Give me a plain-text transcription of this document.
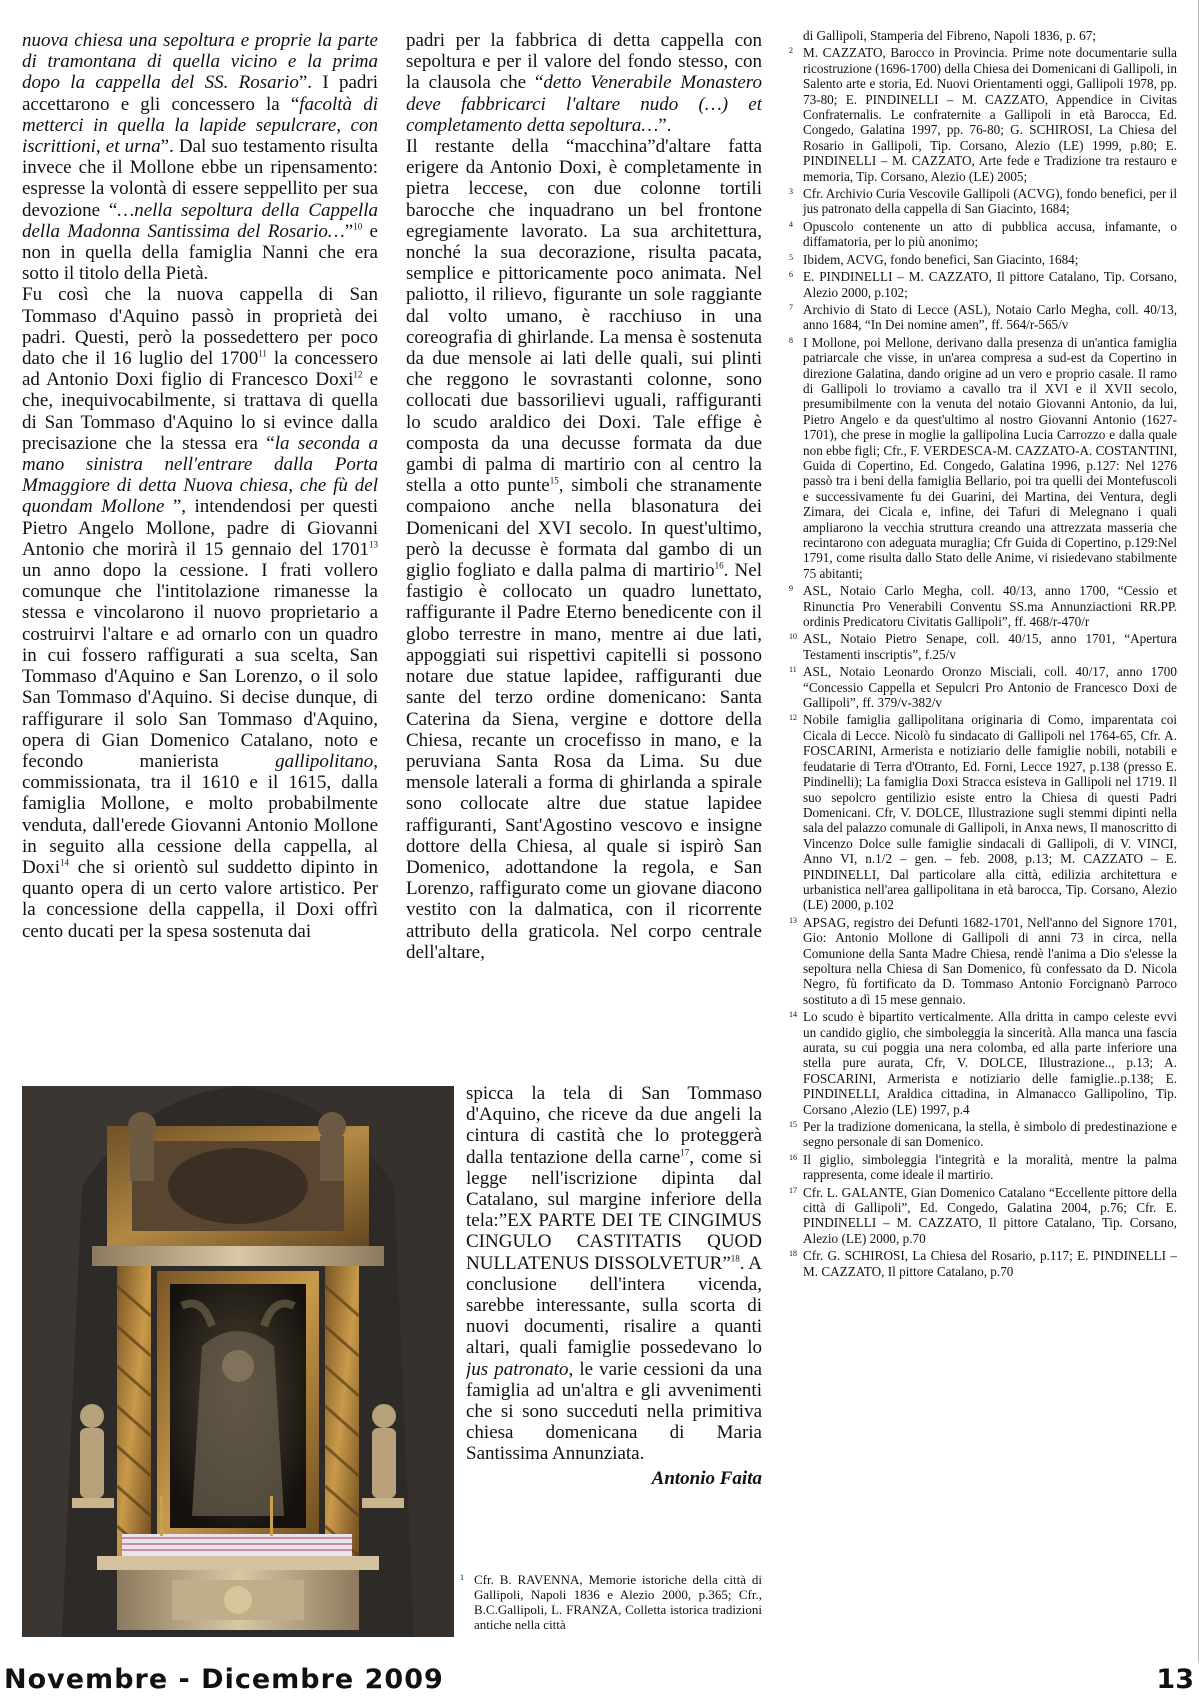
nuova chiesa una sepoltura e proprie la parte di tramontana di quella vicino e la prima dopo la cappella del SS. Rosario”. I padri accettarono e gli concessero la “facoltà di metterci in quella la lapide sepulcrare, con iscrittioni, et urna”. Dal suo testamento risulta invece che il Mollone ebbe un ripensamento: espresse la volontà di essere seppellito per sua devozione “…nella sepoltura della Cappella della Madonna Santissima del Rosario…”$^{10}$ e non in quella della famiglia Nanni che era sotto il titolo della Pietà.

Fu così che la nuova cappella di San Tommaso d'Aquino passò in proprietà dei padri. Questi, però la possedettero per poco dato che il 16 luglio del 1700$^{11}$ la concessero ad Antonio Doxi figlio di Francesco Doxi$^{12}$ e che, inequivocabilmente, si trattava di quella di San Tommaso d'Aquino lo si evince dalla precisazione che la stessa era “la seconda a mano sinistra nell'entrare dalla Porta Mmaggiore di detta Nuova chiesa, che fù del quondam Mollone ”, intendendosi per questi Pietro Angelo Mollone, padre di Giovanni Antonio che morirà il 15 gennaio del 1701$^{13}$ un anno dopo la cessione. I frati vollero comunque che l'intitolazione rimanesse la stessa e vincolarono il nuovo proprietario a costruirvi l'altare e ad ornarlo con un quadro in cui fossero raffigurati a sua scelta, San Tommaso d'Aquino e San Lorenzo, o il solo San Tommaso d'Aquino. Si decise dunque, di raffigurare il solo San Tommaso d'Aquino, opera di Gian Domenico Catalano, noto e fecondo manierista gallipolitano, commissionata, tra il 1610 e il 1615, dalla famiglia Mollone, e molto probabilmente venduta, dall'erede Giovanni Antonio Mollone in seguito alla cessione della cappella, al Doxi$^{14}$ che si orientò sul suddetto dipinto in quanto opera di un certo valore artistico. Per la concessione della cappella, il Doxi offrì cento ducati per la spesa sostenuta dai

padri per la fabbrica di detta cappella con sepoltura e per il valore del fondo stesso, con la clausola che “detto Venerabile Monastero deve fabbricarci l'altare nudo (…) et completamento detta sepoltura…”.

Il restante della “macchina”d'altare fatta erigere da Antonio Doxi, è completamente in pietra leccese, con due colonne tortili barocche che inquadrano un bel frontone egregiamente lavorato. La sua architettura, nonché la sua decorazione, risulta pacata, semplice e pittoricamente poco animata. Nel paliotto, il rilievo, figurante un sole raggiante dal volto umano, è racchiuso in una coreografia di ghirlande. La mensa è sostenuta da due mensole ai lati delle quali, sui plinti che reggono le sovrastanti colonne, sono collocati due bassorilievi uguali, raffiguranti lo scudo araldico dei Doxi. Tale effige è composta da una decusse formata da due gambi di palma di martirio con al centro la stella a otto punte$^{15}$, simboli che stranamente compaiono anche nella blasonatura dei Domenicani del XVI secolo. In quest'ultimo, però la decusse è formata dal gambo di un giglio fogliato e dalla palma di martirio$^{16}$. Nel fastigio è collocato un quadro lunettato, raffigurante il Padre Eterno benedicente con il globo terrestre in mano, mentre ai due lati, appoggiati sui rispettivi capitelli si possono notare due statue lapidee, raffiguranti due sante del terzo ordine domenicano: Santa Caterina da Siena, vergine e dottore della Chiesa, recante un crocefisso in mano, e la peruviana Santa Rosa da Lima. Su due mensole laterali a forma di ghirlanda a spirale sono collocate altre due statue lapidee raffiguranti, Sant'Agostino vescovo e insigne dottore della Chiesa, al quale si ispirò San Domenico, adottandone la regola, e San Lorenzo, raffigurato come un giovane diacono vestito con la dalmatica, con il ricorrente attributo della graticola. Nel corpo centrale dell'altare,

spicca la tela di San Tommaso d'Aquino, che riceve da due angeli la cintura di castità che lo proteggerà dalla tentazione della carne$^{17}$, come si legge nell'iscrizione dipinta dal Catalano, sul margine inferiore della tela:”EX PARTE DEI TE CINGIMUS CINGULO CASTITATIS QUOD NULLATENUS DISSOLVETUR”$^{18}$. A conclusione dell'intera vicenda, sarebbe interessante, sulla scorta di nuovi documenti, risalire a quanti altari, quali famiglie possedevano lo jus patronato, le varie cessioni da una famiglia ad un'altra e gli avvenimenti che si sono succeduti nella primitiva chiesa domenicana di Maria Santissima Annunziata.

Antonio Faita
1 Cfr. B. RAVENNA, Memorie istoriche della città di Gallipoli, Napoli 1836 e Alezio 2000, p.365; Cfr., B.C.Gallipoli, L. FRANZA, Colletta istorica tradizioni antiche nella città
di Gallipoli, Stamperia del Fibreno, Napoli 1836, p. 67;
2 M. CAZZATO, Barocco in Provincia. Prime note documentarie sulla ricostruzione (1696-1700) della Chiesa dei Domenicani di Gallipoli, in Salento arte e storia, Ed. Nuovi Orientamenti oggi, Gallipoli 1978, pp. 73-80; E. PINDINELLI – M. CAZZATO, Appendice in Civitas Confraternalis. Le confraternite a Gallipoli in età Barocca, Ed. Congedo, Galatina 1997, pp. 76-80; G. SCHIROSI, La Chiesa del Rosario in Gallipoli, Tip. Corsano, Alezio (LE) 1999, p.80; E. PINDINELLI – M. CAZZATO, Arte fede e Tradizione tra restauro e memoria, Tip. Corsano, Alezio (LE) 2005;
3 Cfr. Archivio Curia Vescovile Gallipoli (ACVG), fondo benefici, per il jus patronato della cappella di San Giacinto, 1684;
4 Opuscolo contenente un atto di pubblica accusa, infamante, o diffamatoria, per lo più anonimo;
5 Ibidem, ACVG, fondo benefici, San Giacinto, 1684;
6 E. PINDINELLI – M. CAZZATO, Il pittore Catalano, Tip. Corsano, Alezio 2000, p.102;
7 Archivio di Stato di Lecce (ASL), Notaio Carlo Megha, coll. 40/13, anno 1684, “In Dei nomine amen”, ff. 564/r-565/v
8 I Mollone, poi Mellone, derivano dalla presenza di un'antica famiglia patriarcale che visse, in un'area compresa a sud-est da Copertino in direzione Galatina, dando origine ad un vero e proprio casale. Il ramo di Gallipoli lo troviamo a cavallo tra il XVI e il XVII secolo, presumibilmente con la venuta del notaio Giovanni Antonio, da lui, Pietro Angelo e da quest'ultimo al nostro Giovanni Antonio (1627-1701), che prese in moglie la gallipolina Lucia Carrozzo e dalla quale non ebbe figli; Cfr., F. VERDESCA-M. CAZZATO-A. COSTANTINI, Guida di Copertino, Ed. Congedo, Galatina 1996, p.127: Nel 1276 passò tra i beni della famiglia Bellario, poi tra quelli dei Montefuscoli e successivamente fu dei Guarini, dei Martina, dei Ventura, degli Zimara, dei Cicala e, infine, dei Tafuri di Melegnano i quali ampliarono la vecchia struttura creando una attrezzata masseria che recintarono con adeguata muraglia; Cfr Guida di Copertino, p.129:Nel 1791, come risulta dallo Stato delle Anime, vi risiedevano stabilmente 75 abitanti;
9 ASL, Notaio Carlo Megha, coll. 40/13, anno 1700, “Cessio et Rinunctia Pro Venerabili Conventu SS.ma Annunziactioni RR.PP. ordinis Predicatoru Civitatis Gallipoli”, ff. 468/r-470/r
10 ASL, Notaio Pietro Senape, coll. 40/15, anno 1701, “Apertura Testamenti inscriptis”, f.25/v
11 ASL, Notaio Leonardo Oronzo Misciali, coll. 40/17, anno 1700 “Concessio Cappella et Sepulcri Pro Antonio de Francesco Doxi de Gallipoli”, ff. 379/v-382/v
12 Nobile famiglia gallipolitana originaria di Como, imparentata coi Cicala di Lecce. Nicolò fu sindacato di Gallipoli nel 1764-65, Cfr. A. FOSCARINI, Armerista e notiziario delle famiglie nobili, notabili e feudatarie di Terra d'Otranto, Ed. Forni, Lecce 1927, p.138 (presso E. Pindinelli); La famiglia Doxi Stracca esisteva in Gallipoli nel 1719. Il suo sepolcro gentilizio esiste entro la Chiesa di questi Padri Domenicani. Cfr, V. DOLCE, Illustrazione sugli stemmi dipinti nella sala del palazzo comunale di Gallipoli, in Anxa news, Il manoscritto di Vincenzo Dolce sulle famiglie sindacali di Gallipoli, di V. VINCI, Anno VI, n.1/2 – gen. – feb. 2008, p.13; M. CAZZATO – E. PINDINELLI, Dal particolare alla città, edilizia architettura e urbanistica nell'area gallipolitana in età barocca, Tip. Corsano, Alezio (LE) 2000, p.102
13 APSAG, registro dei Defunti 1682-1701, Nell'anno del Signore 1701, Gio: Antonio Mollone di Gallipoli di anni 73 in circa, nella Comunione della Santa Madre Chiesa, rendè l'anima a Dio s'elesse la sepoltura nella Chiesa di San Domenico, fù confessato da D. Nicola Negro, fù fortificato da D. Tommaso Antonio Forcignanò Parroco sostituto a dì 15 mese gennaio.
14 Lo scudo è bipartito verticalmente. Alla dritta in campo celeste evvi un candido giglio, che simboleggia la sincerità. Alla manca una fascia aurata, su cui poggia una nera colomba, ed alla parte inferiore una stella pure aurata, Cfr, V. DOLCE, Illustrazione.., p.13; A. FOSCARINI, Armerista e notiziario delle famiglie..p.138; E. PINDINELLI, Araldica cittadina, in Almanacco Gallipolino, Tip. Corsano ,Alezio (LE) 1997, p.4
15 Per la tradizione domenicana, la stella, è simbolo di predestinazione e segno personale di san Domenico.
16 Il giglio, simboleggia l'integrità e la moralità, mentre la palma rappresenta, come ideale il martirio.
17 Cfr. L. GALANTE, Gian Domenico Catalano “Eccellente pittore della città di Gallipoli”, Ed. Congedo, Galatina 2004, p.76; Cfr. E. PINDINELLI – M. CAZZATO, Il pittore Catalano, Tip. Corsano, Alezio (LE) 2000, p.70
18 Cfr. G. SCHIROSI, La Chiesa del Rosario, p.117; E. PINDINELLI – M. CAZZATO, Il pittore Catalano, p.70
Novembre - Dicembre 2009	13
